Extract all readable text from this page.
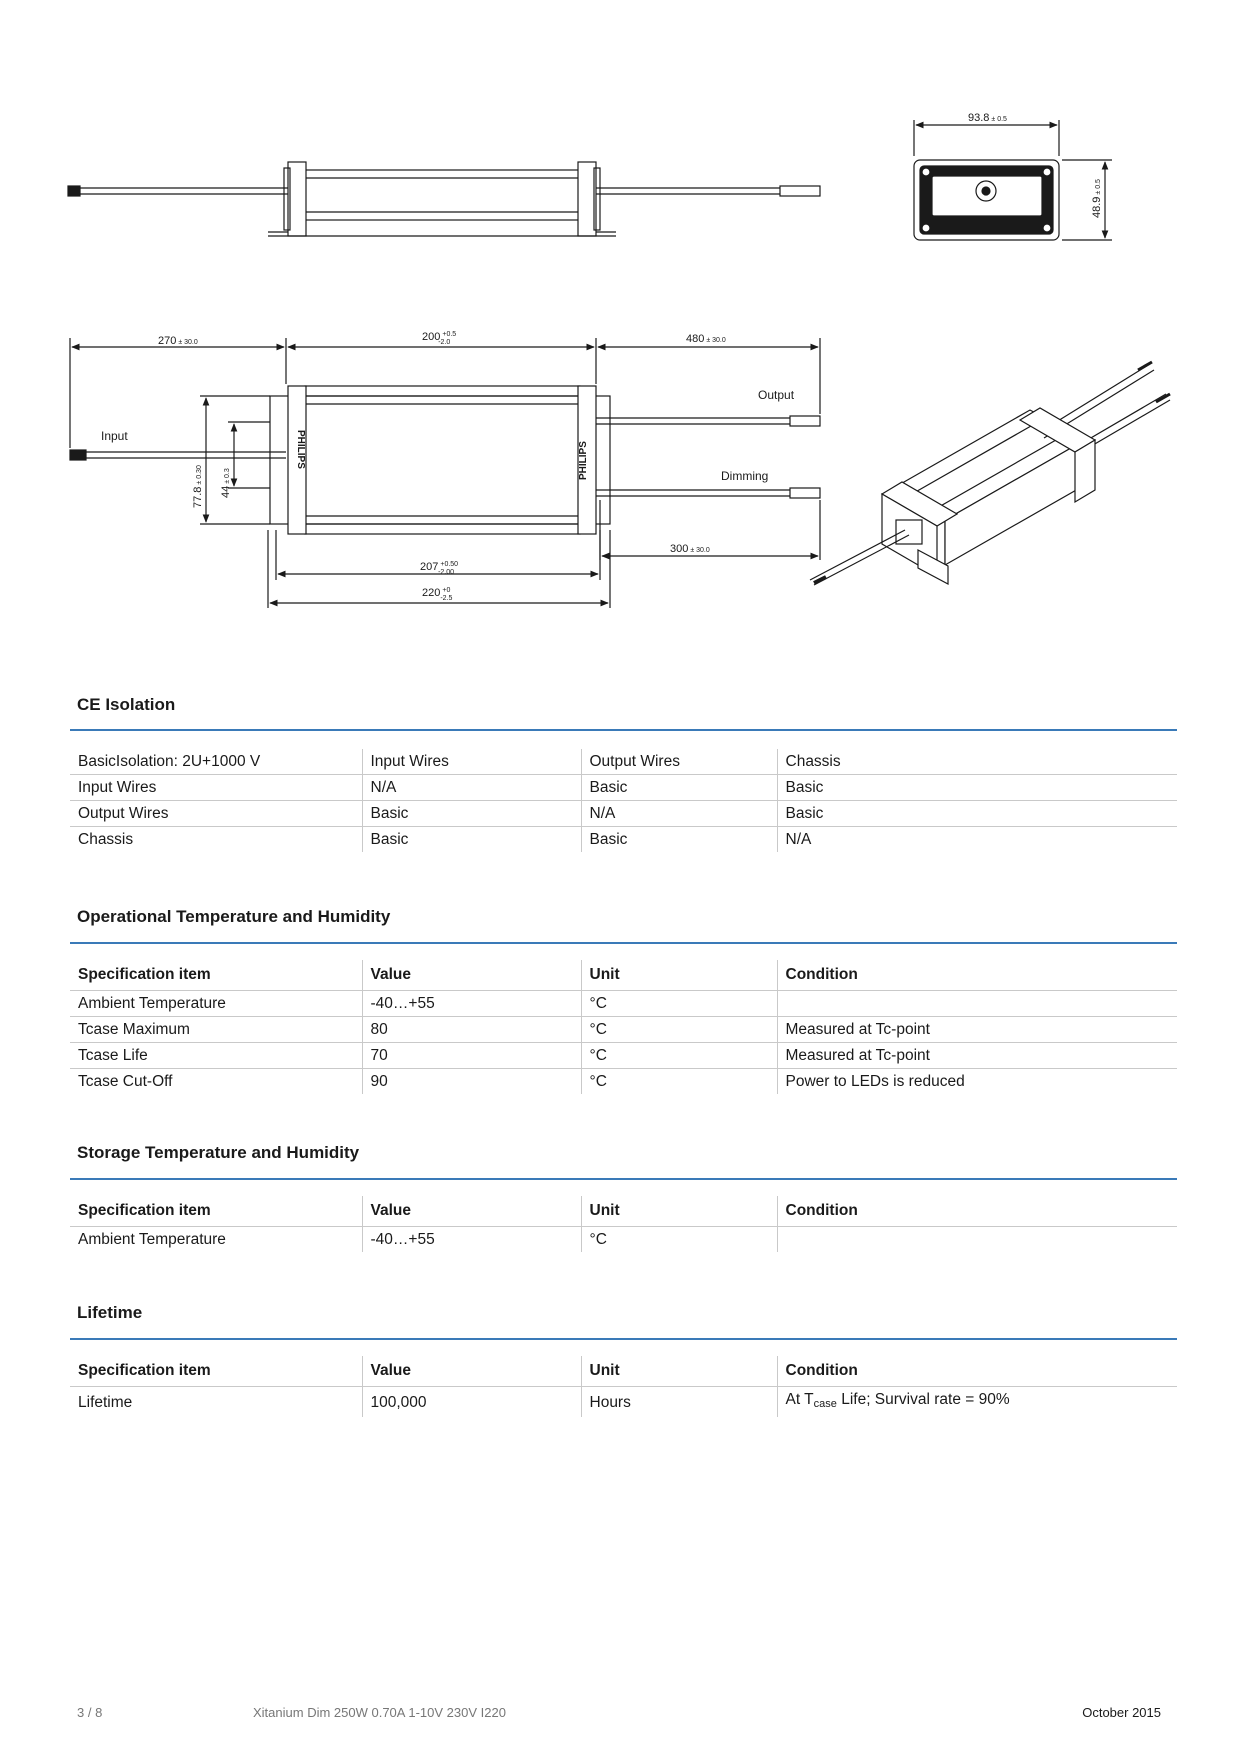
93.8 ± 0.5
48.9± 0.5
PHILIPS	PHILIPS
270 ± 30.0	200 $^{+0.5}$ -2.0	480 ± 30.0
77.8± 0.30
44± 0.3
Input
Output
Dimming
300 ± 30.0
207 $^{+0.50}$ -2.00
220 $^{+0}$ -2.5
CE Isolation
BasicIsolation: 2U+1000 V	Input Wires	Output Wires	Chassis
Input Wires	N/A	Basic	Basic
Output Wires	Basic	N/A	Basic
Chassis	Basic	Basic	N/A
Operational Temperature and Humidity
Specification item	Value	Unit	Condition
Ambient Temperature	-40…+55	°C	
Tcase Maximum	80	°C	Measured at Tc-point
Tcase Life	70	°C	Measured at Tc-point
Tcase Cut-Off	90	°C	Power to LEDs is reduced
Storage Temperature and Humidity
Specification item	Value	Unit	Condition
Ambient Temperature	-40…+55	°C	
Lifetime
Specification item	Value	Unit	Condition
Lifetime	100,000	Hours	At $T_{case}$ Life; Survival rate = 90%
3 / 8	Xitanium Dim 250W 0.70A 1-10V 230V I220	October 2015
